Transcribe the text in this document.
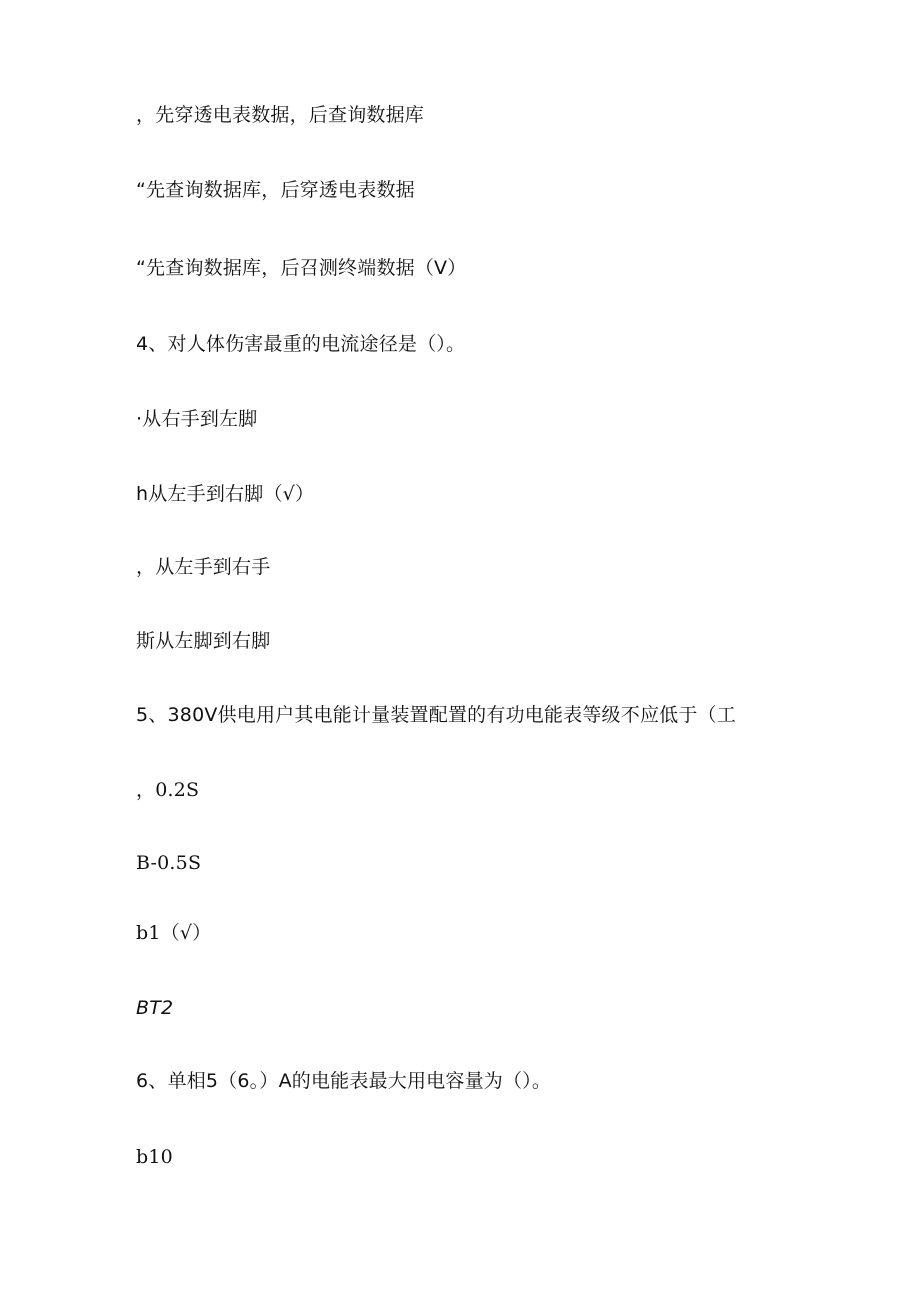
，先穿透电表数据，后查询数据库
“先查询数据库，后穿透电表数据
“先查询数据库，后召测终端数据（V）
4、对人体伤害最重的电流途径是（）。
·从右手到左脚
h从左手到右脚（√）
，从左手到右手
斯从左脚到右脚
5、380V供电用户其电能计量装置配置的有功电能表等级不应低于（工
，0.2S
B-0.5S
b1（√）
BT2
6、单相5（6。）A的电能表最大用电容量为（）。
b10
